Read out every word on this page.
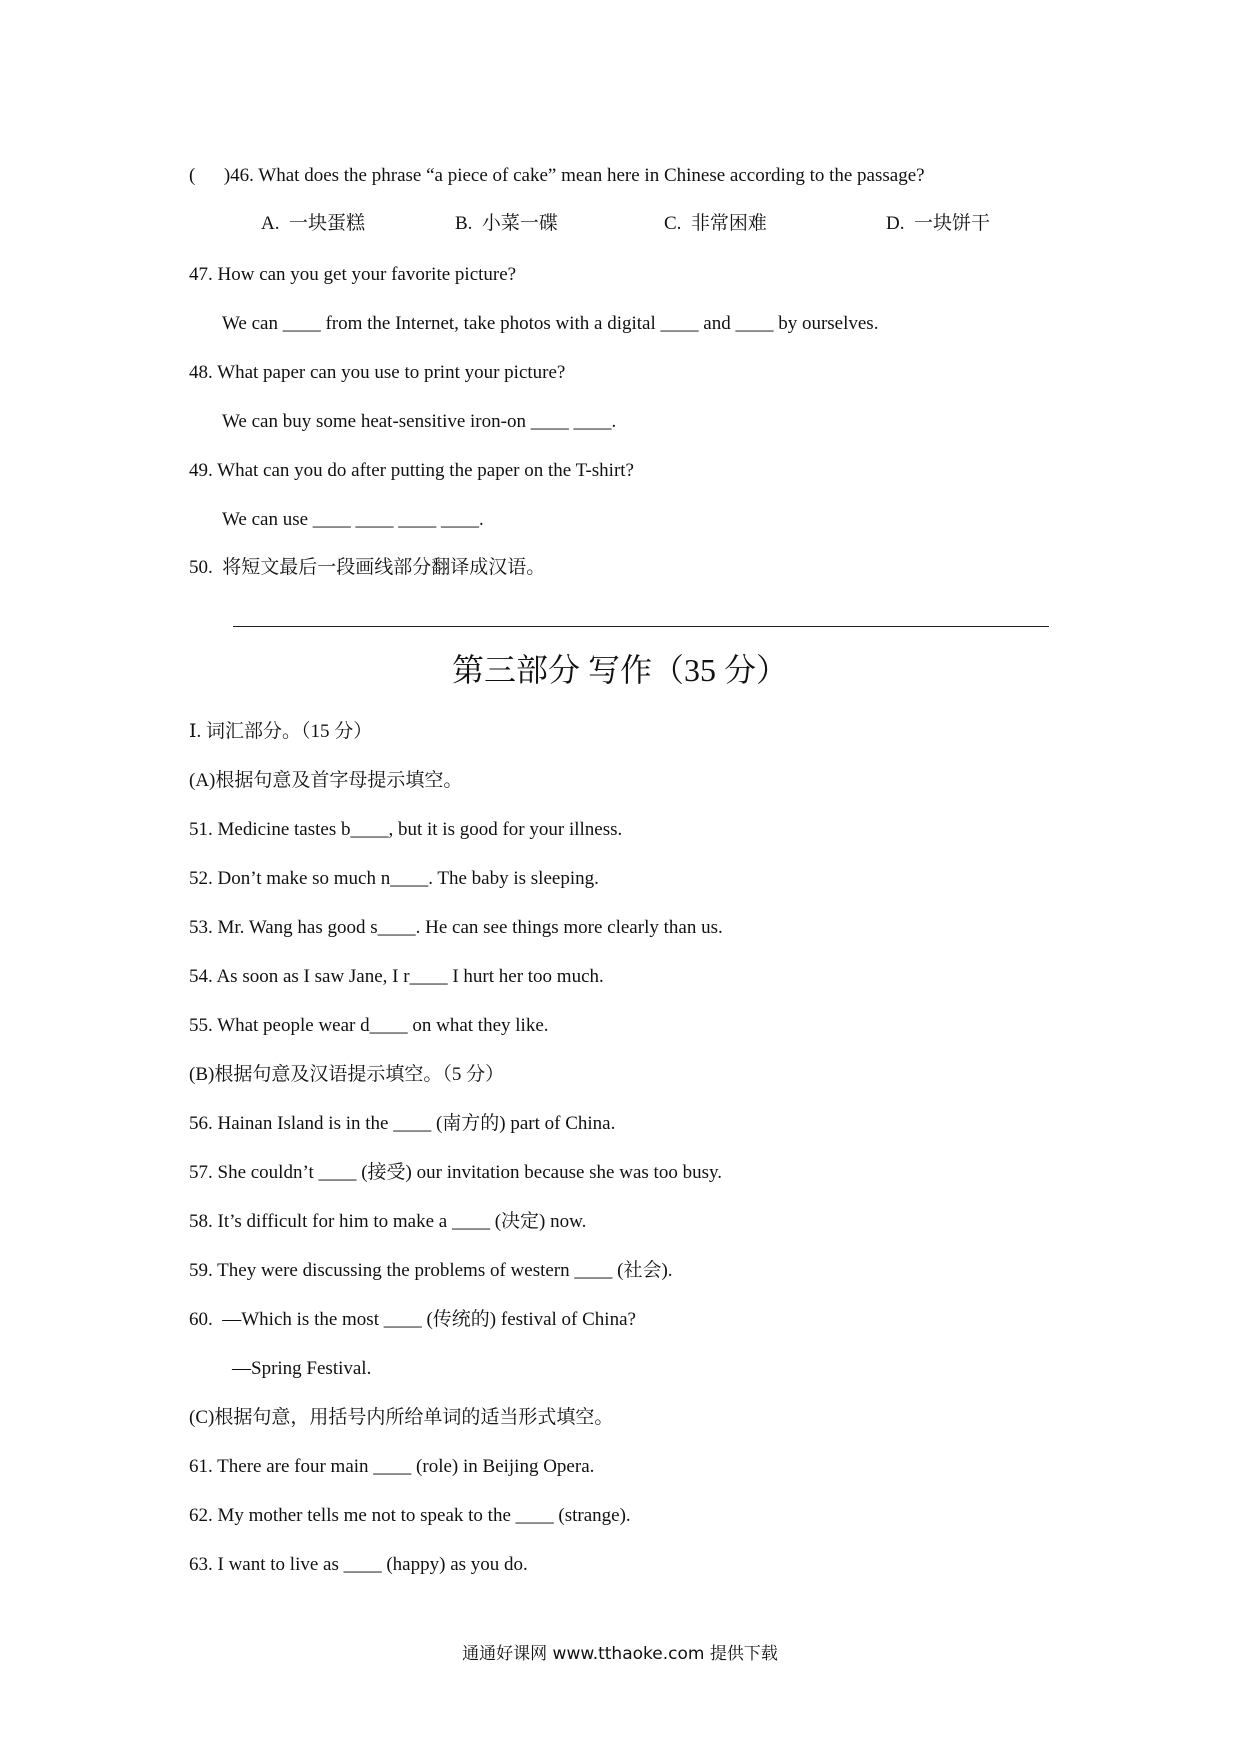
(      )46. What does the phrase “a piece of cake” mean here in Chinese according to the passage?
A.  一块蛋糕	B.  小菜一碟	C.  非常困难	D.  一块饼干
47. How can you get your favorite picture?
We can ____ from the Internet, take photos with a digital ____ and ____ by ourselves.
48. What paper can you use to print your picture?
We can buy some heat-sensitive iron-on ____ ____.
49. What can you do after putting the paper on the T-shirt?
We can use ____ ____ ____ ____.
50.  将短文最后一段画线部分翻译成汉语。
第三部分 写作（35 分）
Ⅰ. 词汇部分。（15 分）
(A)根据句意及首字母提示填空。
51. Medicine tastes b____, but it is good for your illness.
52. Don’t make so much n____. The baby is sleeping.
53. Mr. Wang has good s____. He can see things more clearly than us.
54. As soon as I saw Jane, I r____ I hurt her too much.
55. What people wear d____ on what they like.
(B)根据句意及汉语提示填空。（5 分）
56. Hainan Island is in the ____ (南方的) part of China.
57. She couldn’t ____ (接受) our invitation because she was too busy.
58. It’s difficult for him to make a ____ (决定) now.
59. They were discussing the problems of western ____ (社会).
60.  —Which is the most ____ (传统的) festival of China?
—Spring Festival.
(C)根据句意，用括号内所给单词的适当形式填空。
61. There are four main ____ (role) in Beijing Opera.
62. My mother tells me not to speak to the ____ (strange).
63. I want to live as ____ (happy) as you do.
通通好课网 www.tthaoke.com 提供下载
